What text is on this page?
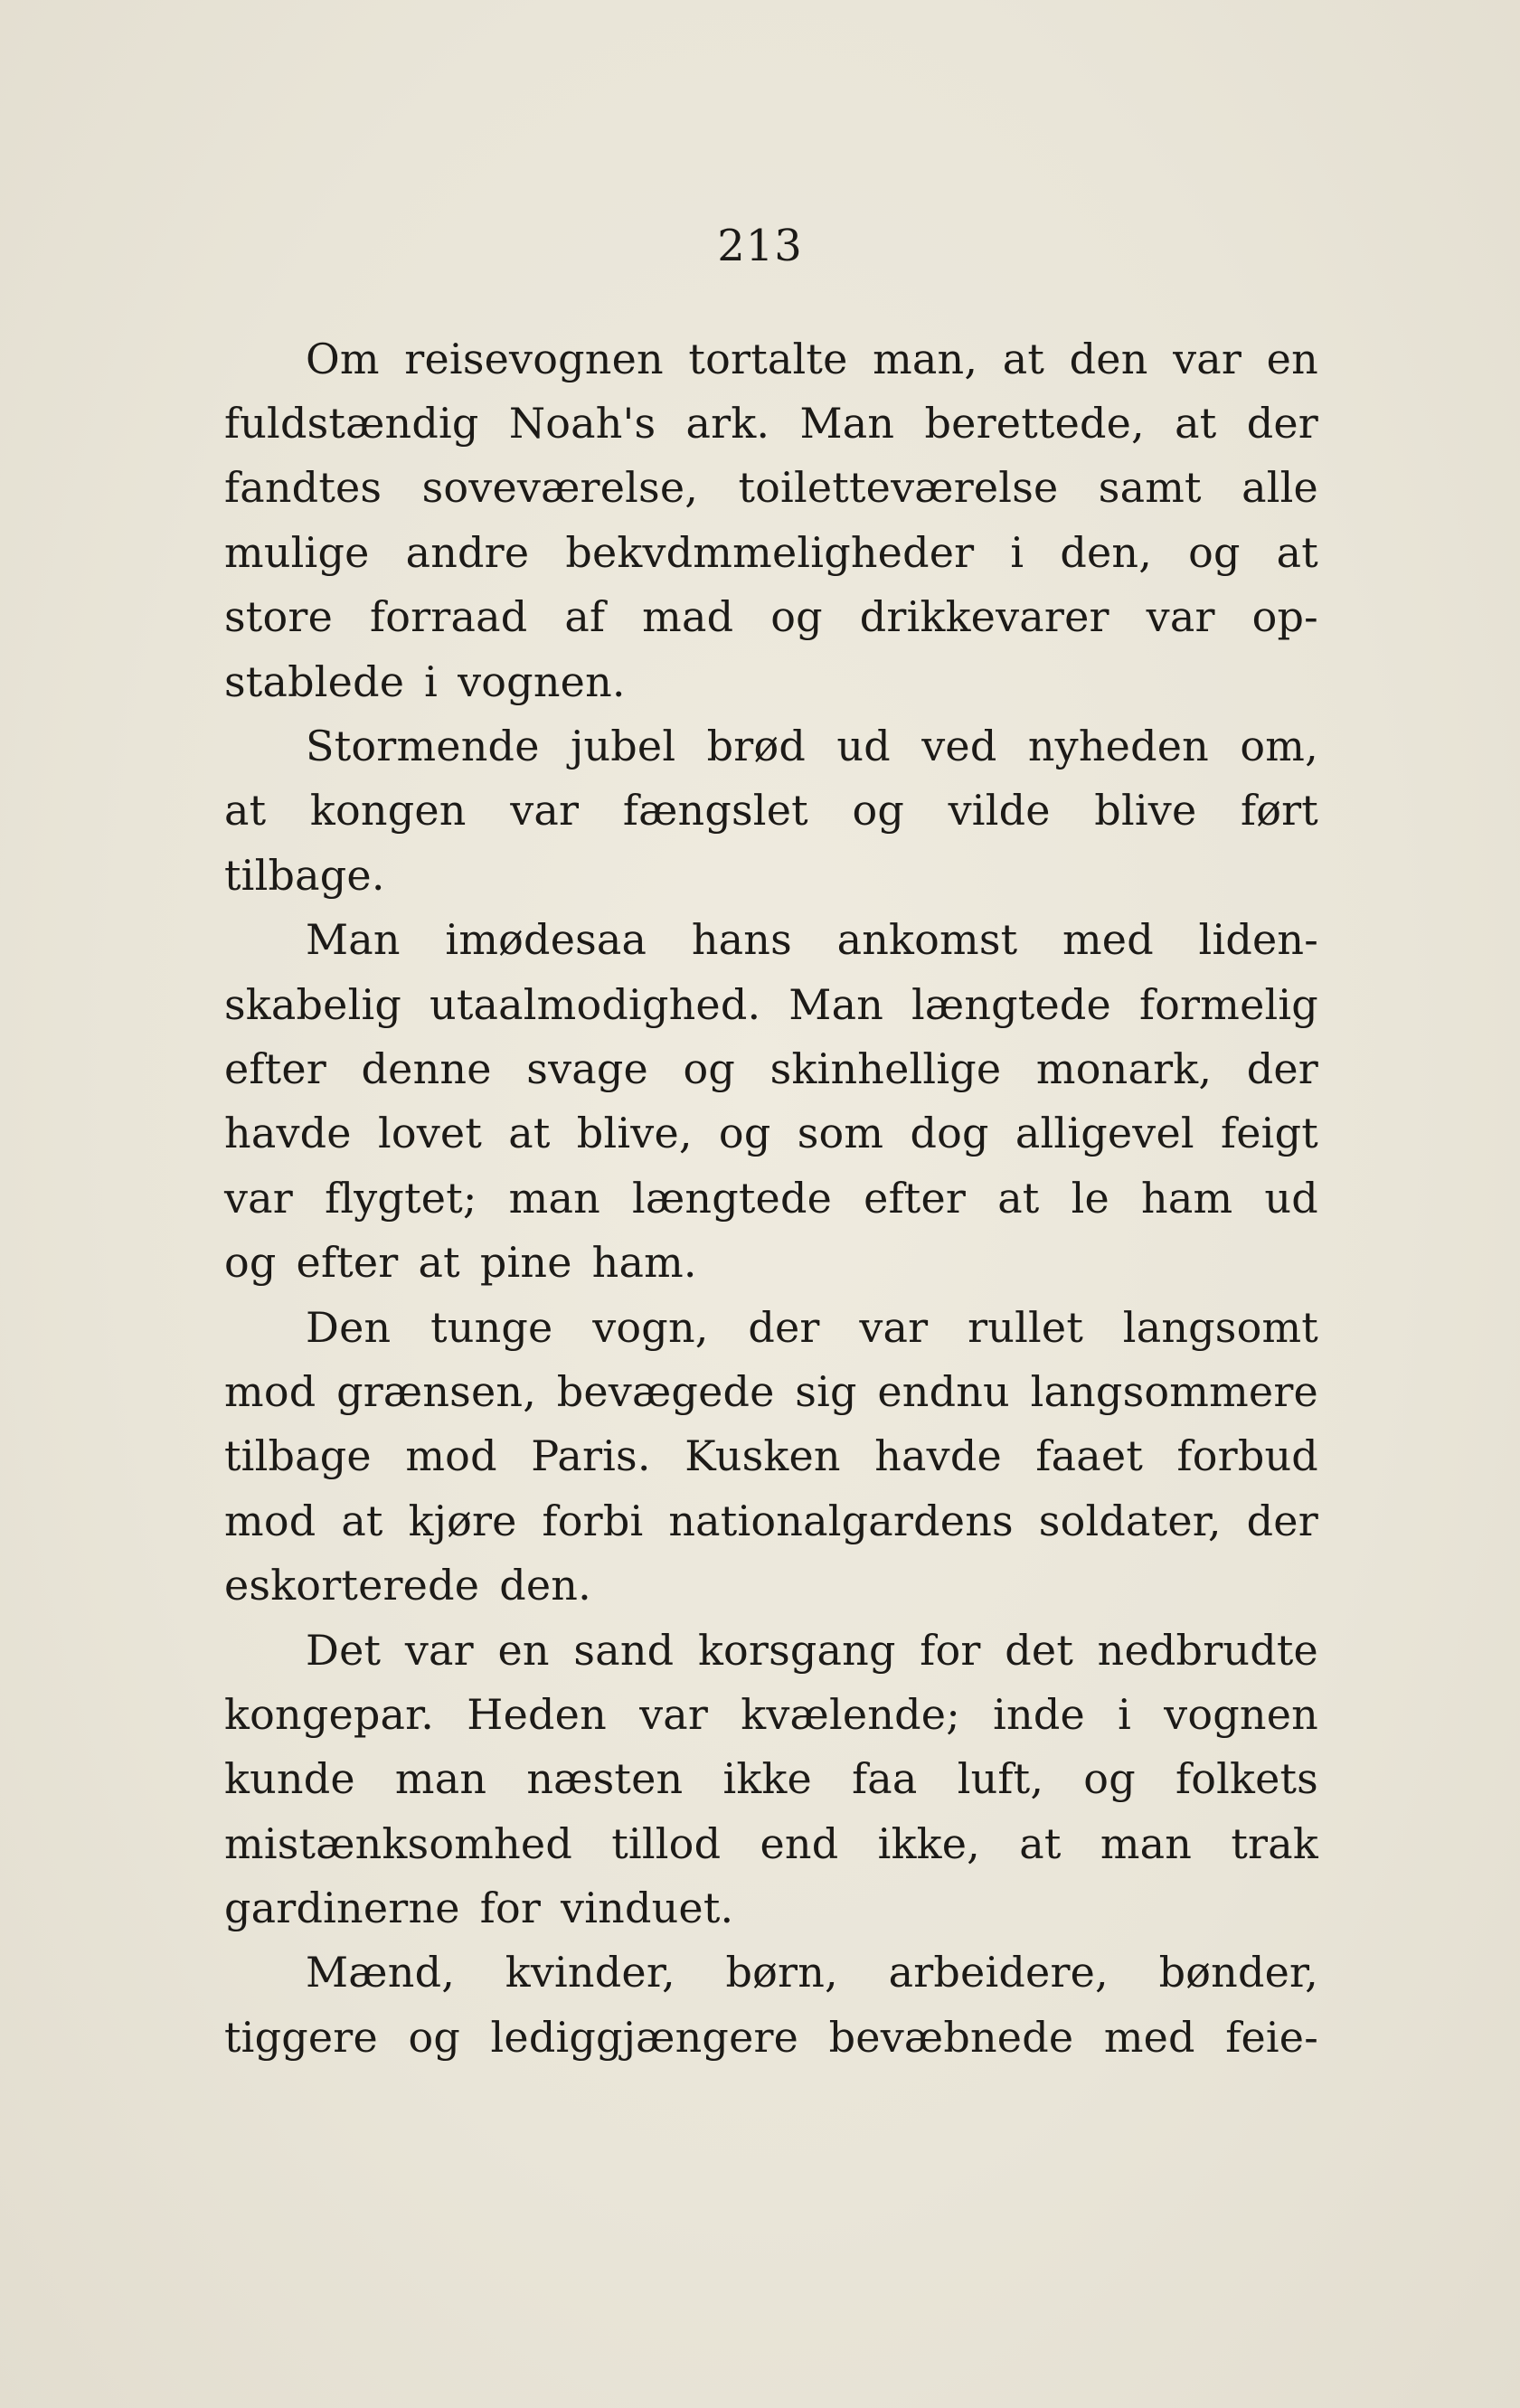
213
Om reisevognen tortalte man, at den var en
fuldstændig Noah's ark. Man berettede, at der
fandtes soveværelse, toiletteværelse samt alle
mulige andre bekvdmmeligheder i den, og at
store forraad af mad og drikkevarer var op-
stablede i vognen.
Stormende jubel brød ud ved nyheden om,
at kongen var fængslet og vilde blive ført
tilbage.
Man imødesaa hans ankomst med liden-
skabelig utaalmodighed. Man længtede formelig
efter denne svage og skinhellige monark, der
havde lovet at blive, og som dog alligevel feigt
var flygtet; man længtede efter at le ham ud
og efter at pine ham.
Den tunge vogn, der var rullet langsomt
mod grænsen, bevægede sig endnu langsommere
tilbage mod Paris. Kusken havde faaet forbud
mod at kjøre forbi nationalgardens soldater, der
eskorterede den.
Det var en sand korsgang for det nedbrudte
kongepar. Heden var kvælende; inde i vognen
kunde man næsten ikke faa luft, og folkets
mistænksomhed tillod end ikke, at man trak
gardinerne for vinduet.
Mænd, kvinder, børn, arbeidere, bønder,
tiggere og lediggjængere bevæbnede med feie-
